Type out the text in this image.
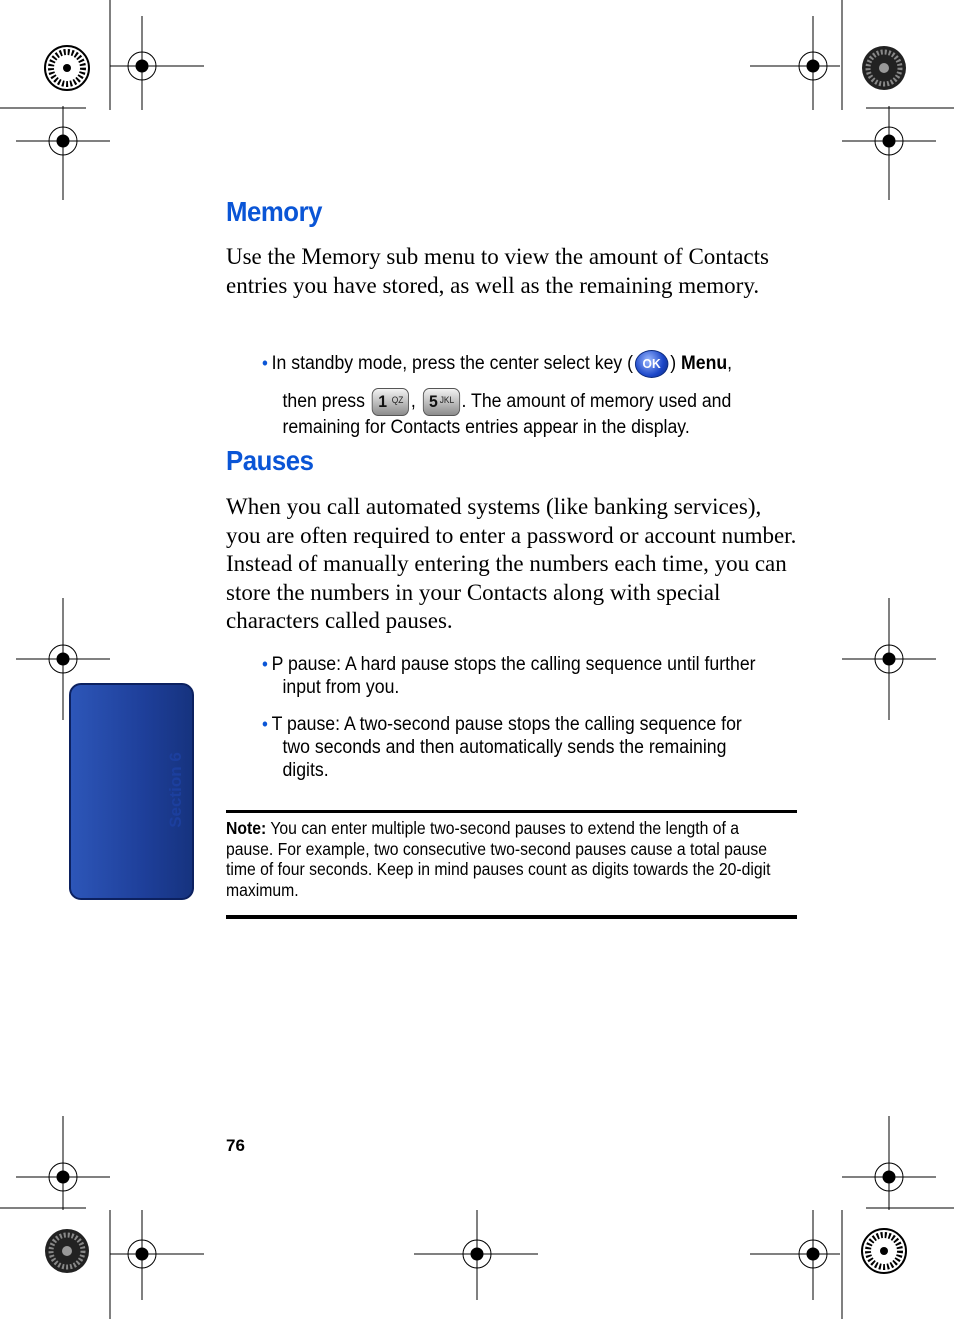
Section 6
Memory

Use the Memory sub menu to view the amount of Contacts entries you have stored, as well as the remaining memory.

• In standby mode, press the center select key ( OK ) Menu,
then press 1 QZ , 5 JKL . The amount of memory used and
remaining for Contacts entries appear in the display.
Pauses

When you call automated systems (like banking services), you are often required to enter a password or account number. Instead of manually entering the numbers each time, you can store the numbers in your Contacts along with special characters called pauses.

• P pause: A hard pause stops the calling sequence until further
input from you.
• T pause: A two-second pause stops the calling sequence for
two seconds and then automatically sends the remaining digits.
Note: You can enter multiple two-second pauses to extend the length of a pause. For example, two consecutive two-second pauses cause a total pause time of four seconds. Keep in mind pauses count as digits towards the 20-digit maximum.
76
